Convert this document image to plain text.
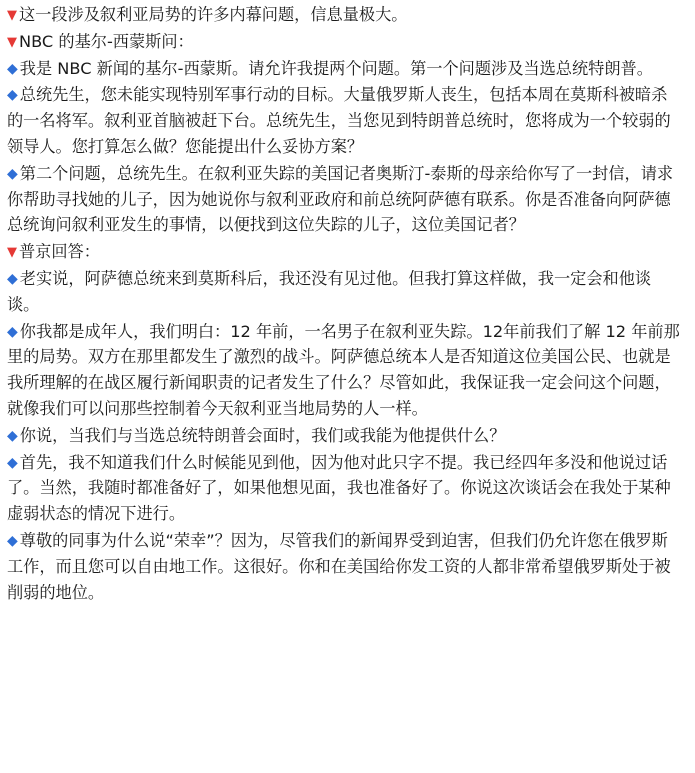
▼ 这一段涉及叙利亚局势的许多内幕问题，信息量极大。

▼ NBC 的基尔-西蒙斯问：

◆ 我是 NBC 新闻的基尔-西蒙斯。请允许我提两个问题。第一个问题涉及当选总统特朗普。

◆ 总统先生，您未能实现特别军事行动的目标。大量俄罗斯人丧生，包括本周在莫斯科被暗杀的一名将军。叙利亚首脑被赶下台。总统先生，当您见到特朗普总统时，您将成为一个较弱的领导人。您打算怎么做？您能提出什么妥协方案？

◆ 第二个问题，总统先生。在叙利亚失踪的美国记者奥斯汀-泰斯的母亲给你写了一封信，请求你帮助寻找她的儿子，因为她说你与叙利亚政府和前总统阿萨德有联系。你是否准备向阿萨德总统询问叙利亚发生的事情，以便找到这位失踪的儿子，这位美国记者？

▼ 普京回答：

◆ 老实说，阿萨德总统来到莫斯科后，我还没有见过他。但我打算这样做，我一定会和他谈谈。

◆ 你我都是成年人，我们明白：12 年前，一名男子在叙利亚失踪。12年前我们了解 12 年前那里的局势。双方在那里都发生了激烈的战斗。阿萨德总统本人是否知道这位美国公民、也就是我所理解的在战区履行新闻职责的记者发生了什么？尽管如此，我保证我一定会问这个问题，就像我们可以问那些控制着今天叙利亚当地局势的人一样。

◆ 你说，当我们与当选总统特朗普会面时，我们或我能为他提供什么？

◆ 首先，我不知道我们什么时候能见到他，因为他对此只字不提。我已经四年多没和他说过话了。当然，我随时都准备好了，如果他想见面，我也准备好了。你说这次谈话会在我处于某种虚弱状态的情况下进行。

◆ 尊敬的同事为什么说“荣幸”？因为，尽管我们的新闻界受到迫害，但我们仍允许您在俄罗斯工作，而且您可以自由地工作。这很好。你和在美国给你发工资的人都非常希望俄罗斯处于被削弱的地位。
